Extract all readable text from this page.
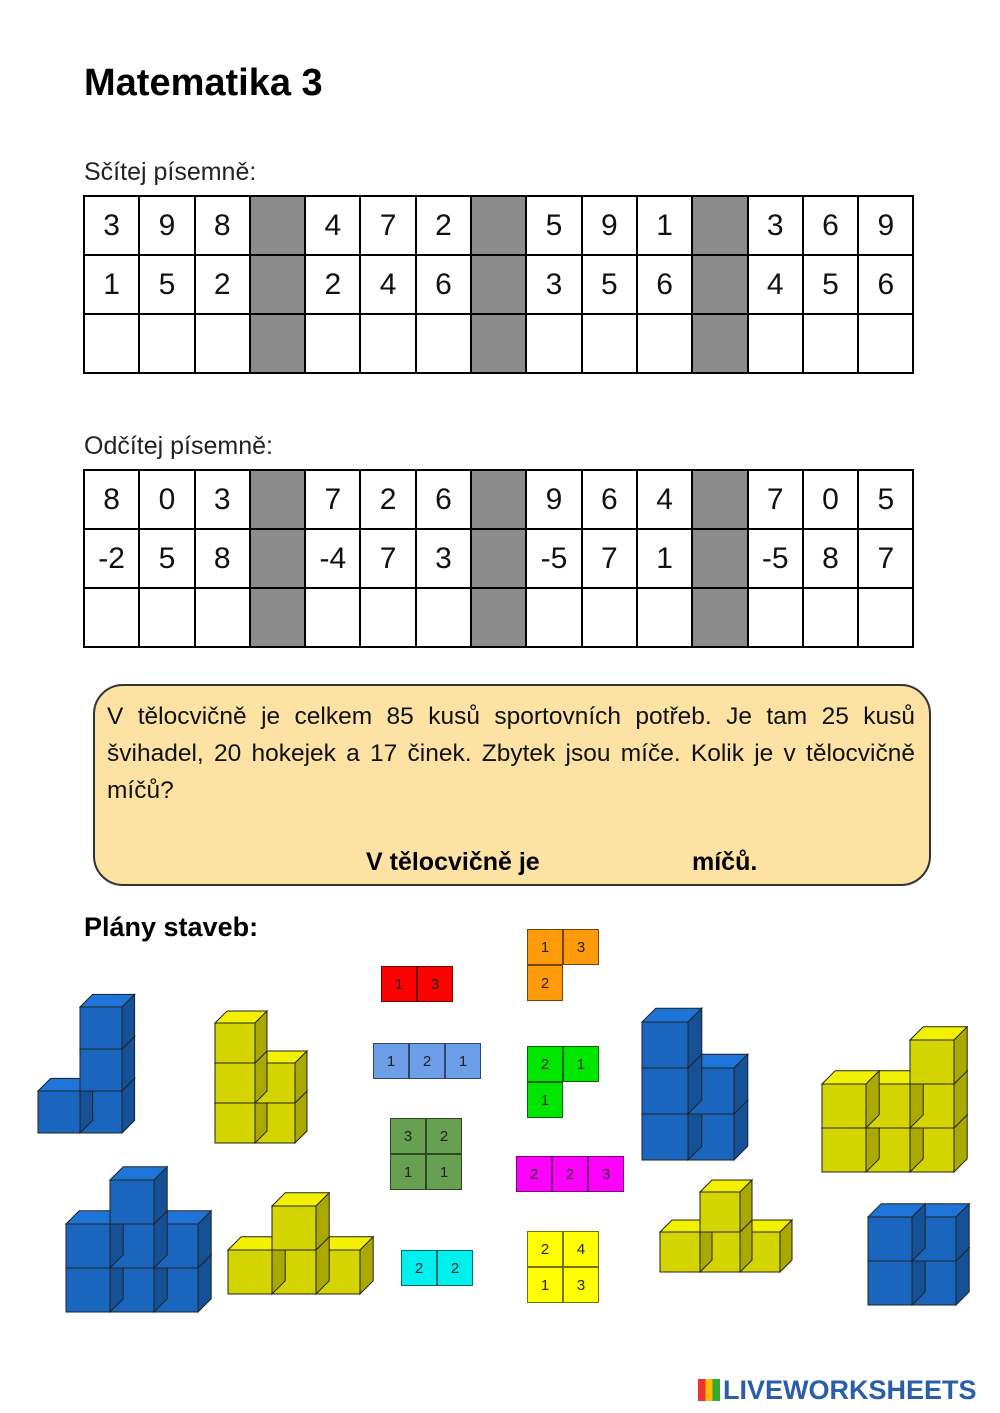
Matematika 3
Sčítej písemně:
3	9	8		4	7	2		5	9	1		3	6	9
1	5	2		2	4	6		3	5	6		4	5	6

Odčítej písemně:
8	0	3		7	2	6		9	6	4		7	0	5
-2	5	8		-4	7	3		-5	7	1		-5	8	7

V tělocvičně je celkem 85 kusů sportovních potřeb. Je tam 25 kusů švihadel, 20 hokejek a 17 činek. Zbytek jsou míče. Kolik je v tělocvičně míčů?

V tělocvičně je	míčů.
Plány staveb:
1	3
1	2	1
3	2
1	1
2	2
1	3
2
2	1
1
2	2	3
2	4
1	3
LIVEWORKSHEETS
